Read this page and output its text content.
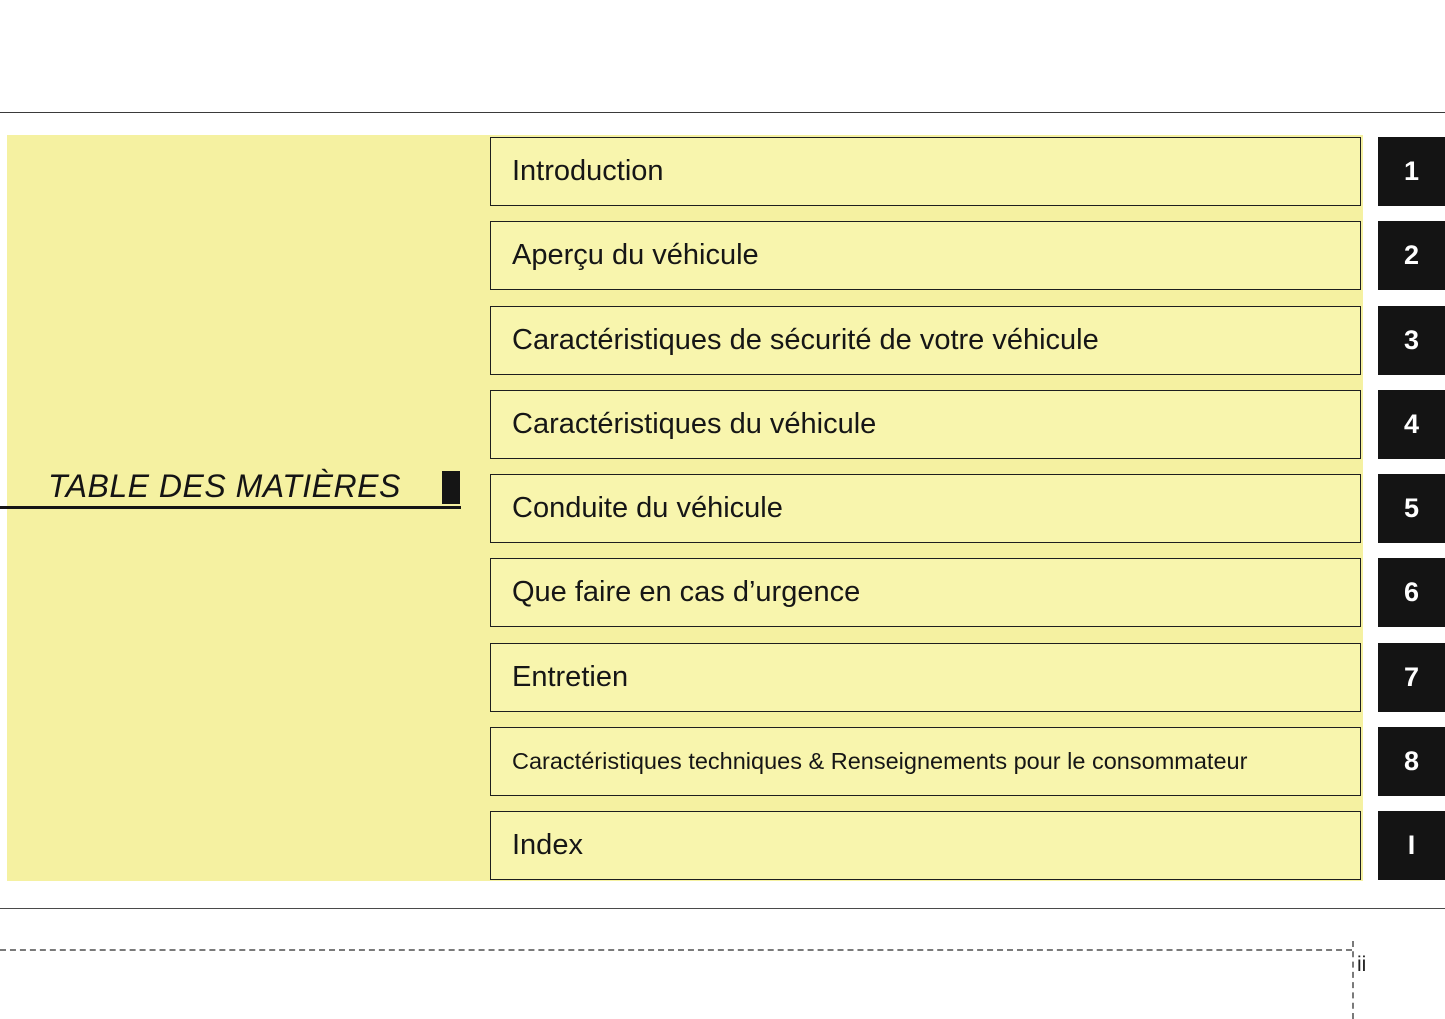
TABLE DES MATIÈRES
Introduction
Aperçu du véhicule
Caractéristiques de sécurité de votre véhicule
Caractéristiques du véhicule
Conduite du véhicule
Que faire en cas d’urgence
Entretien
Caractéristiques techniques & Renseignements pour le consommateur
Index
1
2
3
4
5
6
7
8
I
ii
